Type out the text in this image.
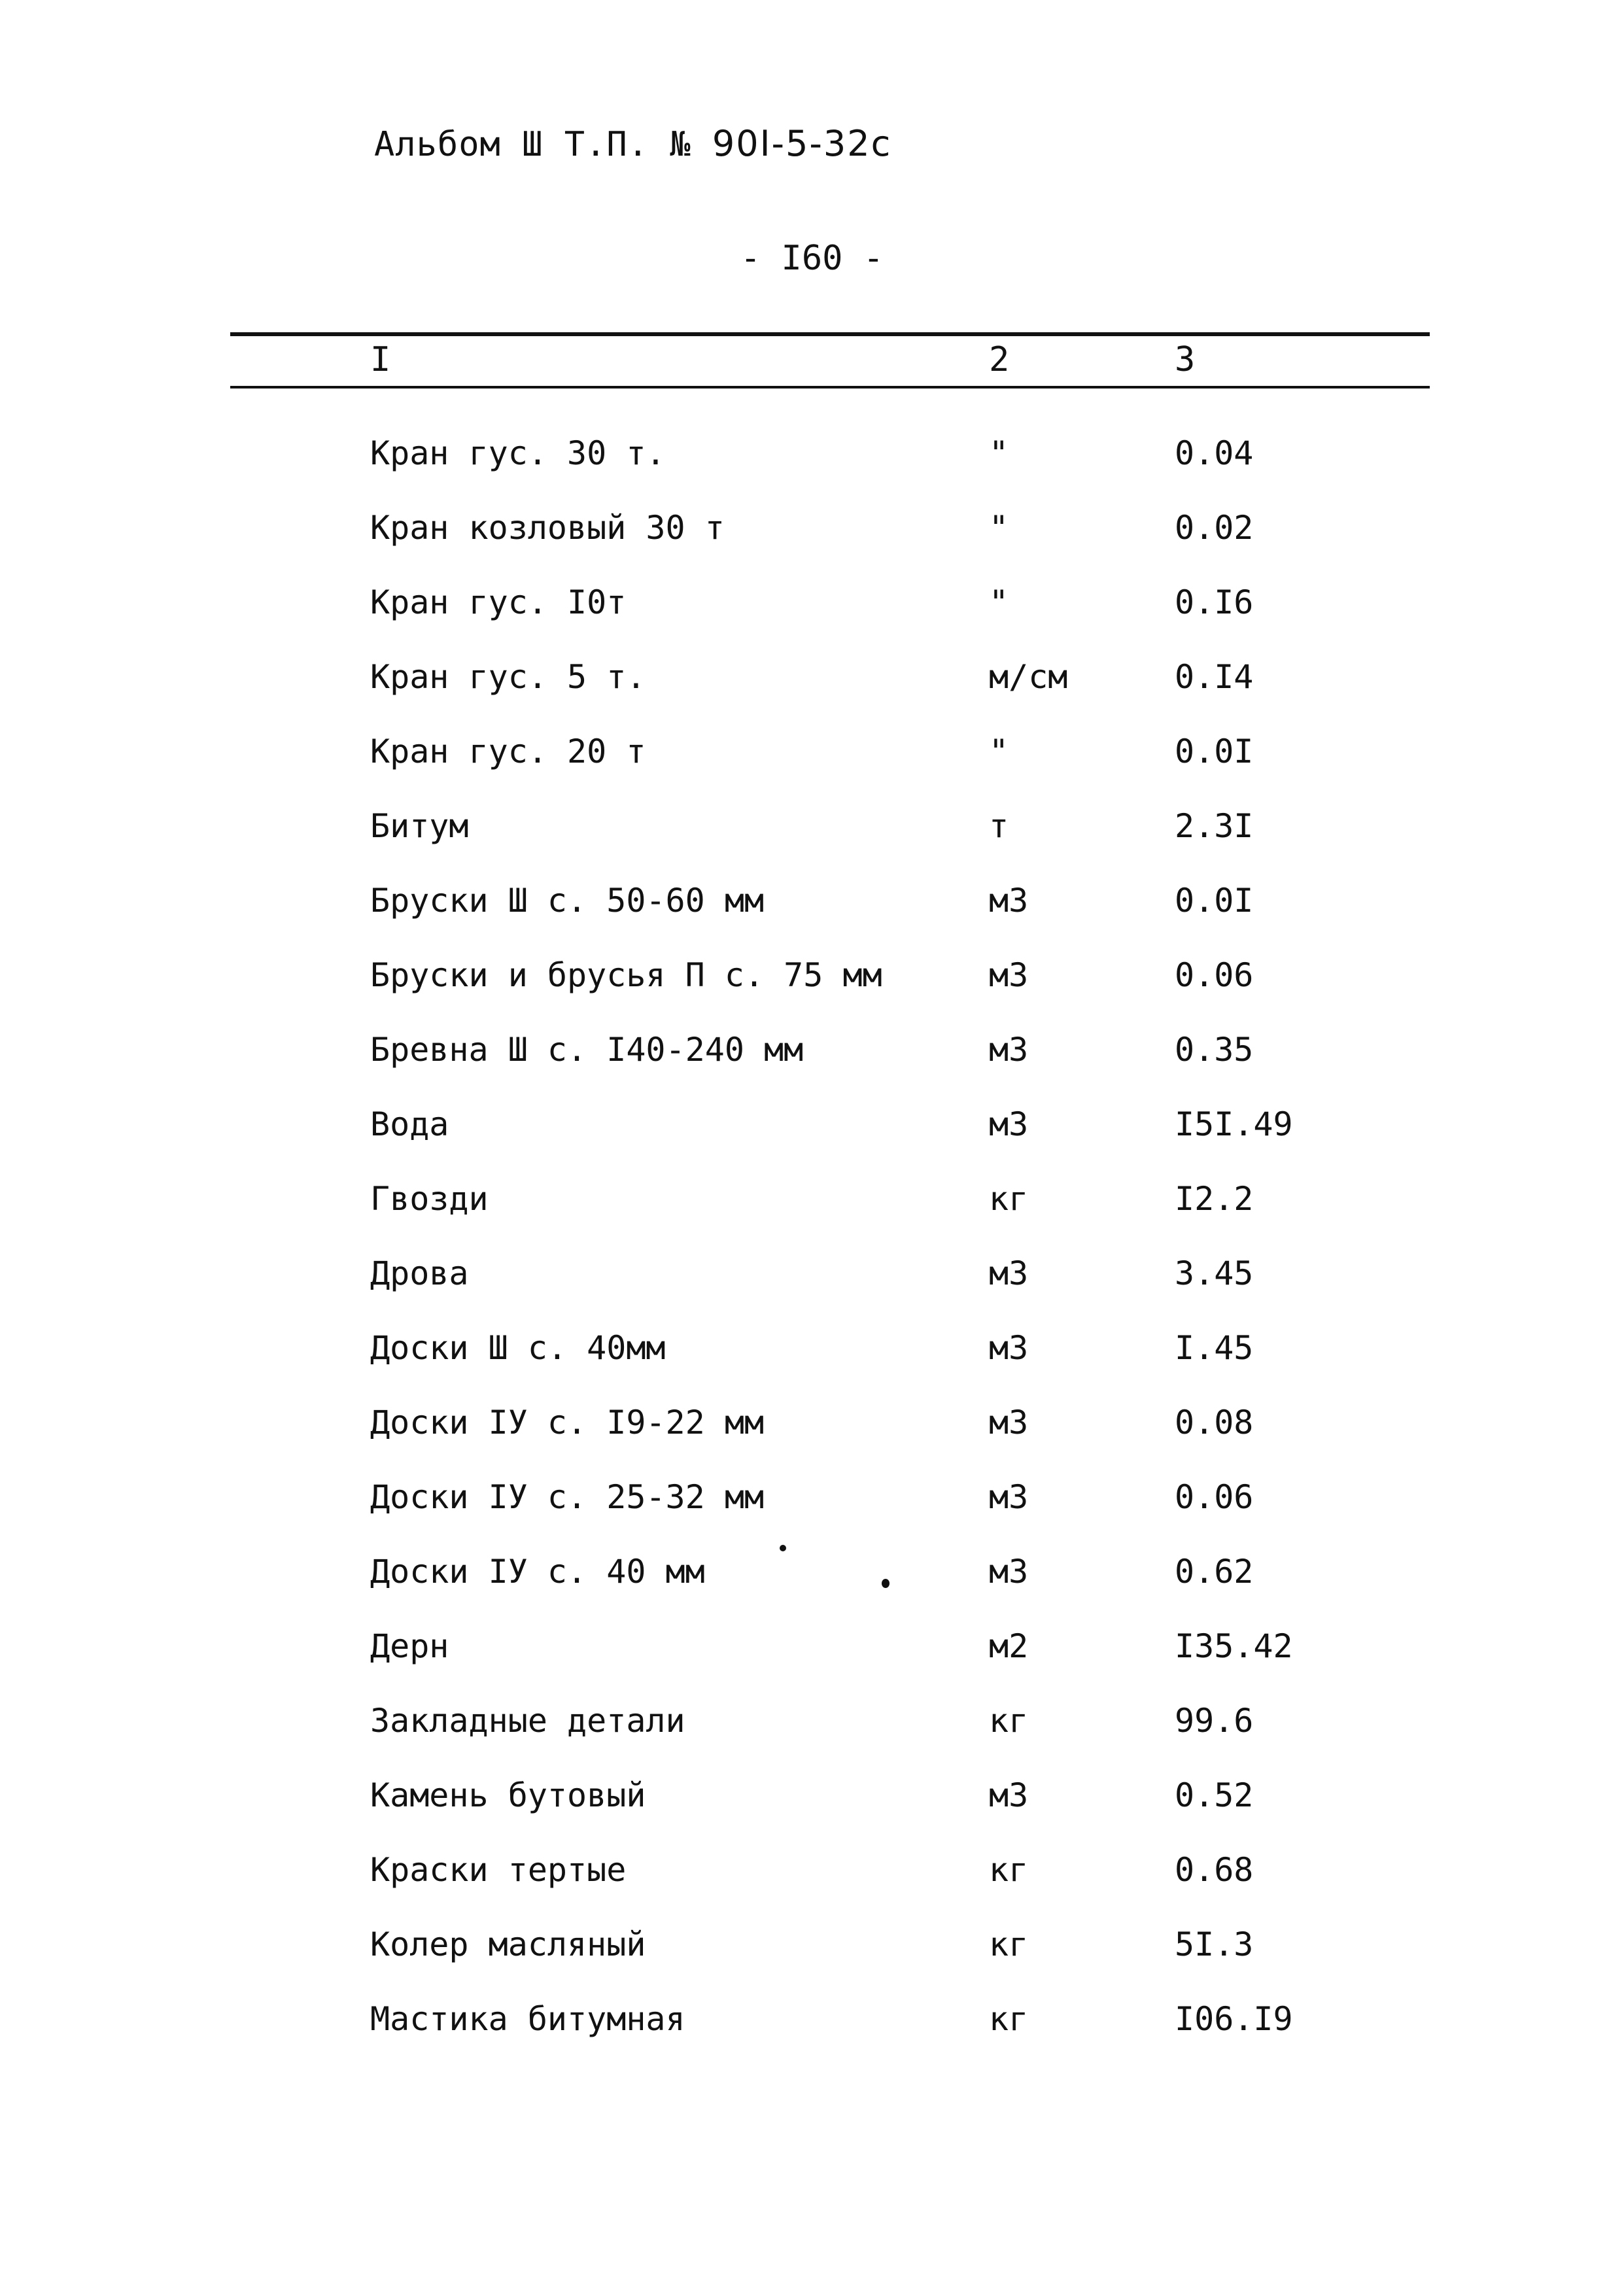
Альбом Ш Т.П. № 90I-5-32с
- I60 -
I	2	3
Кран гус. 30 т.	"	0.04
Кран козловый 30 т	"	0.02
Кран гус. I0т	"	0.I6
Кран гус. 5 т.	м/см	0.I4
Кран гус. 20 т	"	0.0I
Битум	т	2.3I
Бруски Ш с. 50-60 мм	м3	0.0I
Бруски и брусья П с. 75 мм	м3	0.06
Бревна Ш с. I40-240 мм	м3	0.35
Вода	м3	I5I.49
Гвозди	кг	I2.2
Дрова	м3	3.45
Доски Ш с. 40мм	м3	I.45
Доски IУ с. I9-22 мм	м3	0.08
Доски IУ с. 25-32 мм	м3	0.06
Доски IУ с. 40 мм	м3	0.62
Дерн	м2	I35.42
Закладные детали	кг	99.6
Камень бутовый	м3	0.52
Краски тертые	кг	0.68
Колер масляный	кг	5I.3
Мастика битумная	кг	I06.I9
